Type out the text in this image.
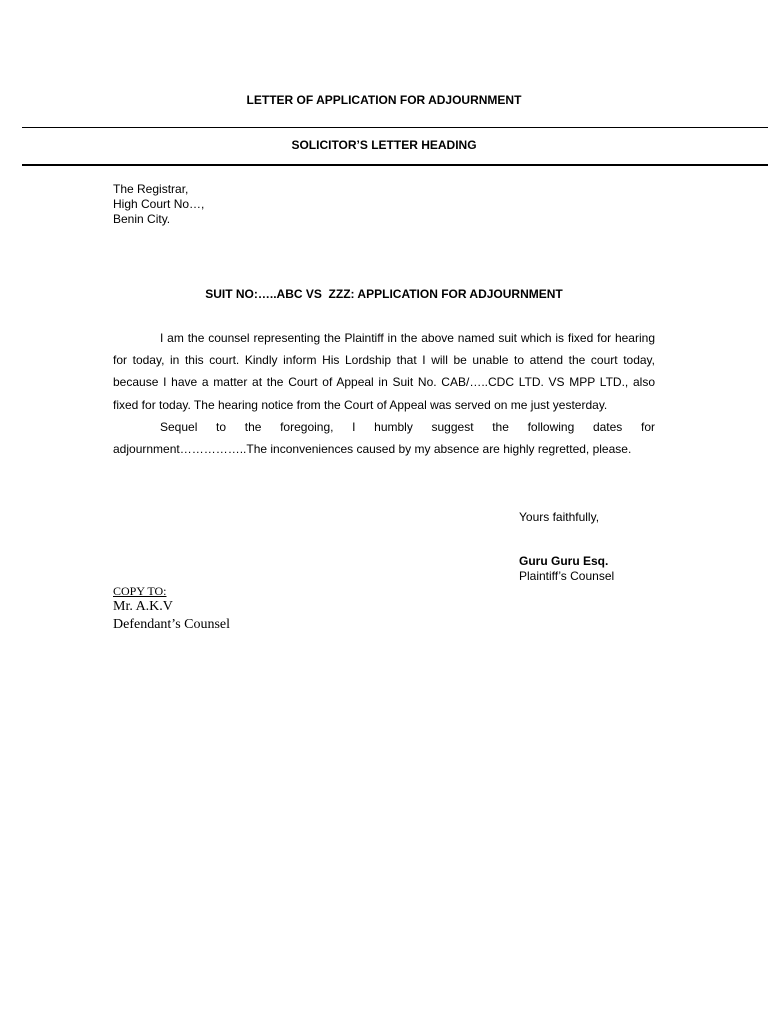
LETTER OF APPLICATION FOR ADJOURNMENT
SOLICITOR’S LETTER HEADING
The Registrar,
High Court No…,
Benin City.
SUIT NO:…..ABC VS  ZZZ: APPLICATION FOR ADJOURNMENT

I am the counsel representing the Plaintiff in the above named suit which is fixed for hearing for today, in this court. Kindly inform His Lordship that I will be unable to attend the court today, because I have a matter at the Court of Appeal in Suit No. CAB/…..CDC LTD. VS MPP LTD., also fixed for today. The hearing notice from the Court of Appeal was served on me just yesterday.

Sequel to the foregoing, I humbly suggest the following dates for

adjournment……………..The inconveniences caused by my absence are highly regretted, please.

Yours faithfully,
Guru Guru Esq.
Plaintiff’s Counsel
COPY TO:
Mr. A.K.V
Defendant’s Counsel
